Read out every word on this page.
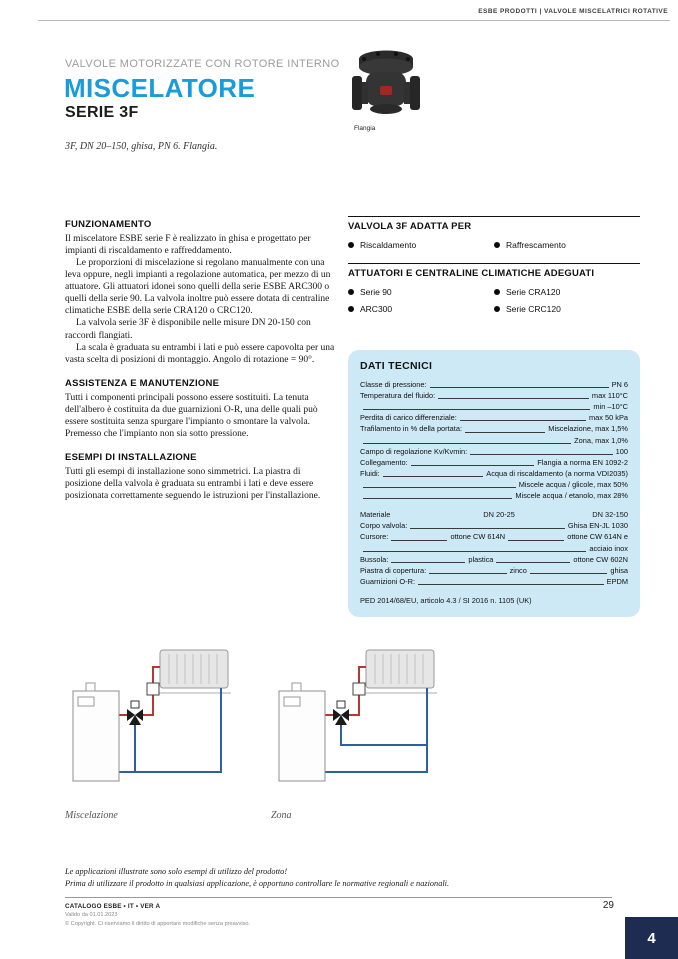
ESBE PRODOTTI | VALVOLE MISCELATRICI ROTATIVE
VALVOLE MOTORIZZATE CON ROTORE INTERNO
MISCELATORE
SERIE 3F
3F, DN 20–150, ghisa, PN 6. Flangia.
Flangia
FUNZIONAMENTO

Il miscelatore ESBE serie F è realizzato in ghisa e progettato per impianti di riscaldamento e raffreddamento.

Le proporzioni di miscelazione si regolano manualmente con una leva oppure, negli impianti a regolazione automatica, per mezzo di un attuatore. Gli attuatori idonei sono quelli della serie ESBE ARC300 o quelli della serie 90. La valvola inoltre può essere dotata di centraline climatiche ESBE della serie CRA120 o CRC120.

La valvola serie 3F è disponibile nelle misure DN 20-150 con raccordi flangiati.

La scala è graduata su entrambi i lati e può essere capovolta per una vasta scelta di posizioni di montaggio. Angolo di rotazione = 90°.

ASSISTENZA E MANUTENZIONE

Tutti i componenti principali possono essere sostituiti. La tenuta dell'albero è costituita da due guarnizioni O-R, una delle quali può essere sostituita senza spurgare l'impianto o smontare la valvola. Premesso che l'impianto non sia sotto pressione.

ESEMPI DI INSTALLAZIONE

Tutti gli esempi di installazione sono simmetrici. La piastra di posizione della valvola è graduata su entrambi i lati e deve essere posizionata correttamente seguendo le istruzioni per l'installazione.

VALVOLA 3F ADATTA PER
Riscaldamento	Raffrescamento
ATTUATORI E CENTRALINE CLIMATICHE ADEGUATI
Serie 90	Serie CRA120
ARC300	Serie CRC120
DATI TECNICI
Classe di pressione:	PN 6
Temperatura del fluido:	max 110°C
min –10°C
Perdita di carico differenziale:	max 50 kPa
Trafilamento in % della portata:	Miscelazione, max 1,5%
Zona, max 1,0%
Campo di regolazione Kv/Kvmin:	100
Collegamento:	Flangia a norma EN 1092-2
Fluidi:	Acqua di riscaldamento (a norma VDI2035)
Miscele acqua / glicole, max 50%
Miscele acqua / etanolo, max 28%
Materiale	DN 20-25	DN 32-150
Corpo valvola:	Ghisa EN-JL 1030
Cursore:	ottone CW 614N	ottone CW 614N e
acciaio inox
Bussola:	plastica	ottone CW 602N
Piastra di copertura:	zinco	ghisa
Guarnizioni O-R:	EPDM
PED 2014/68/EU, articolo 4.3 / SI 2016 n. 1105 (UK)
Miscelazione	Zona

Le applicazioni illustrate sono solo esempi di utilizzo del prodotto!

Prima di utilizzare il prodotto in qualsiasi applicazione, è opportuno controllare le normative regionali e nazionali.

CATALOGO ESBE • IT • VER A
Valido da 01.01.2023
© Copyright. Ci riserviamo il diritto di apportare modifiche senza preavviso.
29
4
